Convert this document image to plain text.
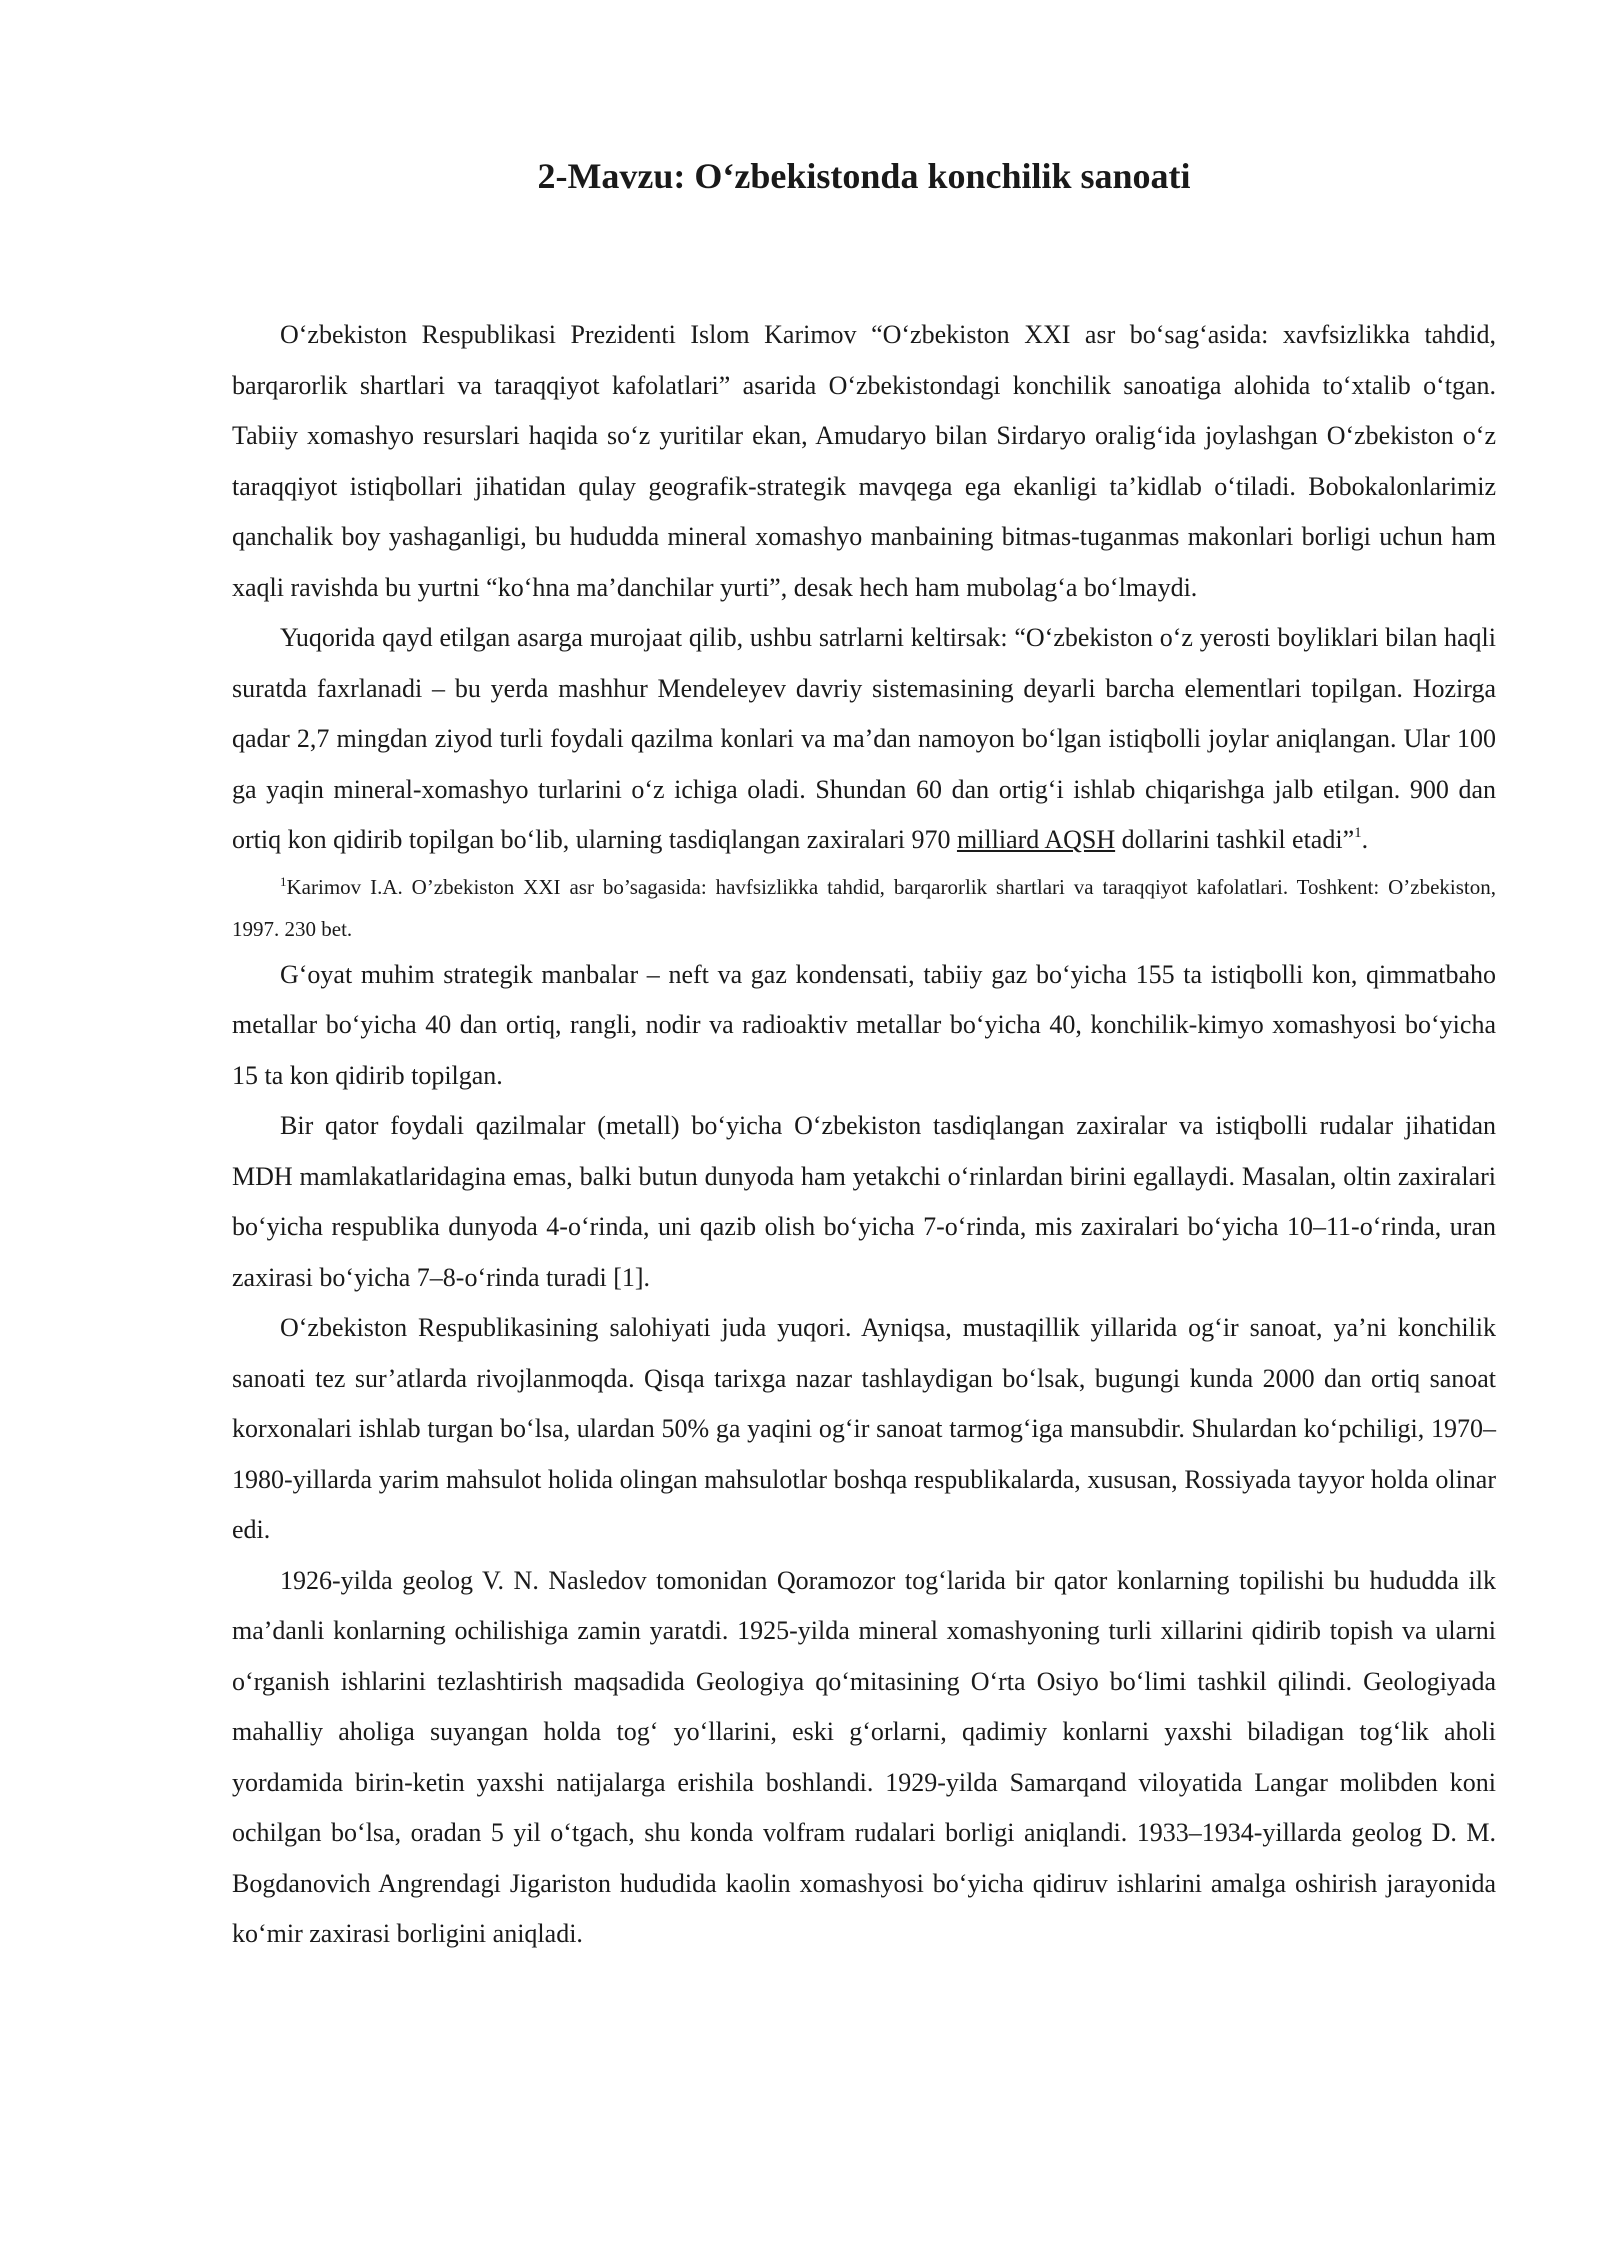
2-Mavzu: O‘zbekistonda konchilik sanoati

O‘zbekiston Respublikasi Prezidenti Islom Karimov “O‘zbekiston XXI asr bo‘sag‘asida: xavfsizlikka tahdid, barqarorlik shartlari va taraqqiyot kafolatlari” asarida O‘zbekistondagi konchilik sanoatiga alohida to‘xtalib o‘tgan. Tabiiy xomashyo resurslari haqida so‘z yuritilar ekan, Amudaryo bilan Sirdaryo oralig‘ida joylashgan O‘zbekiston o‘z taraqqiyot istiqbollari jihatidan qulay geografik-strategik mavqega ega ekanligi ta’kidlab o‘tiladi. Bobokalonlarimiz qanchalik boy yashaganligi, bu hududda mineral xomashyo manbaining bitmas-tuganmas makonlari borligi uchun ham xaqli ravishda bu yurtni “ko‘hna ma’danchilar yurti”, desak hech ham mubolag‘a bo‘lmaydi.

Yuqorida qayd etilgan asarga murojaat qilib, ushbu satrlarni keltirsak: “O‘zbekiston o‘z yerosti boyliklari bilan haqli suratda faxrlanadi – bu yerda mashhur Mendeleyev davriy sistemasining deyarli barcha elementlari topilgan. Hozirga qadar 2,7 mingdan ziyod turli foydali qazilma konlari va ma’dan namoyon bo‘lgan istiqbolli joylar aniqlangan. Ular 100 ga yaqin mineral-xomashyo turlarini o‘z ichiga oladi. Shundan 60 dan ortig‘i ishlab chiqarishga jalb etilgan. 900 dan ortiq kon qidirib topilgan bo‘lib, ularning tasdiqlangan zaxiralari 970 milliard AQSH dollarini tashkil etadi”$^1$.

$^1$Karimov I.A. O’zbekiston XXI asr bo’sagasida: havfsizlikka tahdid, barqarorlik shartlari va taraqqiyot kafolatlari. Toshkent: O’zbekiston, 1997. 230 bet.

G‘oyat muhim strategik manbalar – neft va gaz kondensati, tabiiy gaz bo‘yicha 155 ta istiqbolli kon, qimmatbaho metallar bo‘yicha 40 dan ortiq, rangli, nodir va radioaktiv metallar bo‘yicha 40, konchilik-kimyo xomashyosi bo‘yicha 15 ta kon qidirib topilgan.

Bir qator foydali qazilmalar (metall) bo‘yicha O‘zbekiston tasdiqlangan zaxiralar va istiqbolli rudalar jihatidan MDH mamlakatlaridagina emas, balki butun dunyoda ham yetakchi o‘rinlardan birini egallaydi. Masalan, oltin zaxiralari bo‘yicha respublika dunyoda 4-o‘rinda, uni qazib olish bo‘yicha 7-o‘rinda, mis zaxiralari bo‘yicha 10–11-o‘rinda, uran zaxirasi bo‘yicha 7–8-o‘rinda turadi [1].

O‘zbekiston Respublikasining salohiyati juda yuqori. Ayniqsa, mustaqillik yillarida og‘ir sanoat, ya’ni konchilik sanoati tez sur’atlarda rivojlanmoqda. Qisqa tarixga nazar tashlaydigan bo‘lsak, bugungi kunda 2000 dan ortiq sanoat korxonalari ishlab turgan bo‘lsa, ulardan 50% ga yaqini og‘ir sanoat tarmog‘iga mansubdir. Shulardan ko‘pchiligi, 1970–1980-yillarda yarim mahsulot holida olingan mahsulotlar boshqa respublikalarda, xususan, Rossiyada tayyor holda olinar edi.

1926-yilda geolog V. N. Nasledov tomonidan Qoramozor tog‘larida bir qator konlarning topilishi bu hududda ilk ma’danli konlarning ochilishiga zamin yaratdi. 1925-yilda mineral xomashyoning turli xillarini qidirib topish va ularni o‘rganish ishlarini tezlashtirish maqsadida Geologiya qo‘mitasining O‘rta Osiyo bo‘limi tashkil qilindi. Geologiyada mahalliy aholiga suyangan holda tog‘ yo‘llarini, eski g‘orlarni, qadimiy konlarni yaxshi biladigan tog‘lik aholi yordamida birin-ketin yaxshi natijalarga erishila boshlandi. 1929-yilda Samarqand viloyatida Langar molibden koni ochilgan bo‘lsa, oradan 5 yil o‘tgach, shu konda volfram rudalari borligi aniqlandi. 1933–1934-yillarda geolog D. M. Bogdanovich Angrendagi Jigariston hududida kaolin xomashyosi bo‘yicha qidiruv ishlarini amalga oshirish jarayonida ko‘mir zaxirasi borligini aniqladi.
